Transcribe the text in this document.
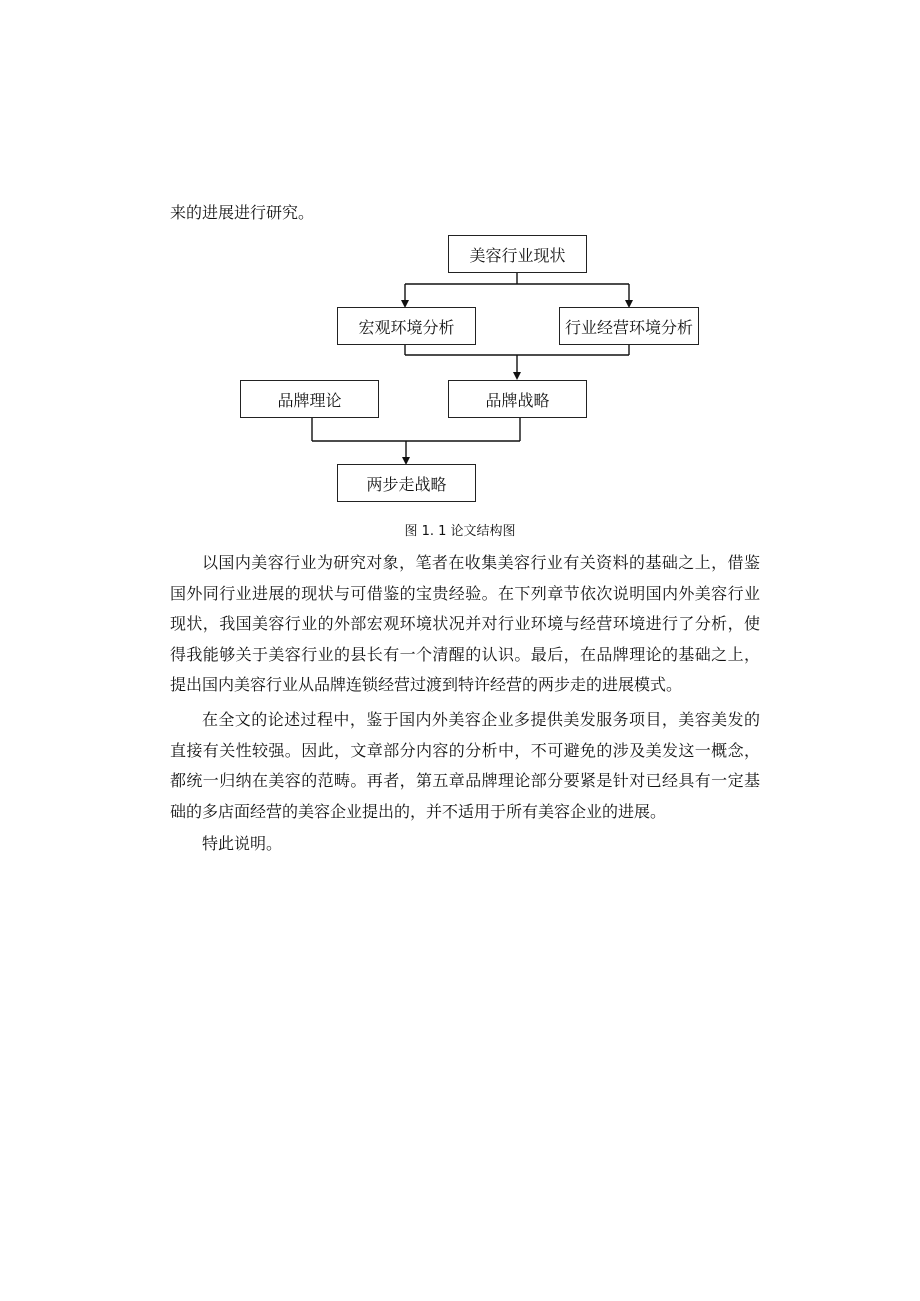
来的进展进行研究。
美容行业现状
宏观环境分析	行业经营环境分析
品牌理论	品牌战略
两步走战略
图 1. 1 论文结构图

以国内美容行业为研究对象，笔者在收集美容行业有关资料的基础之上，借鉴国外同行业进展的现状与可借鉴的宝贵经验。在下列章节依次说明国内外美容行业现状，我国美容行业的外部宏观环境状况并对行业环境与经营环境进行了分析，使得我能够关于美容行业的县长有一个清醒的认识。最后，在品牌理论的基础之上，提出国内美容行业从品牌连锁经营过渡到特许经营的两步走的进展模式。

在全文的论述过程中，鉴于国内外美容企业多提供美发服务项目，美容美发的直接有关性较强。因此，文章部分内容的分析中，不可避免的涉及美发这一概念，都统一归纳在美容的范畴。再者，第五章品牌理论部分要紧是针对已经具有一定基础的多店面经营的美容企业提出的，并不适用于所有美容企业的进展。

特此说明。
